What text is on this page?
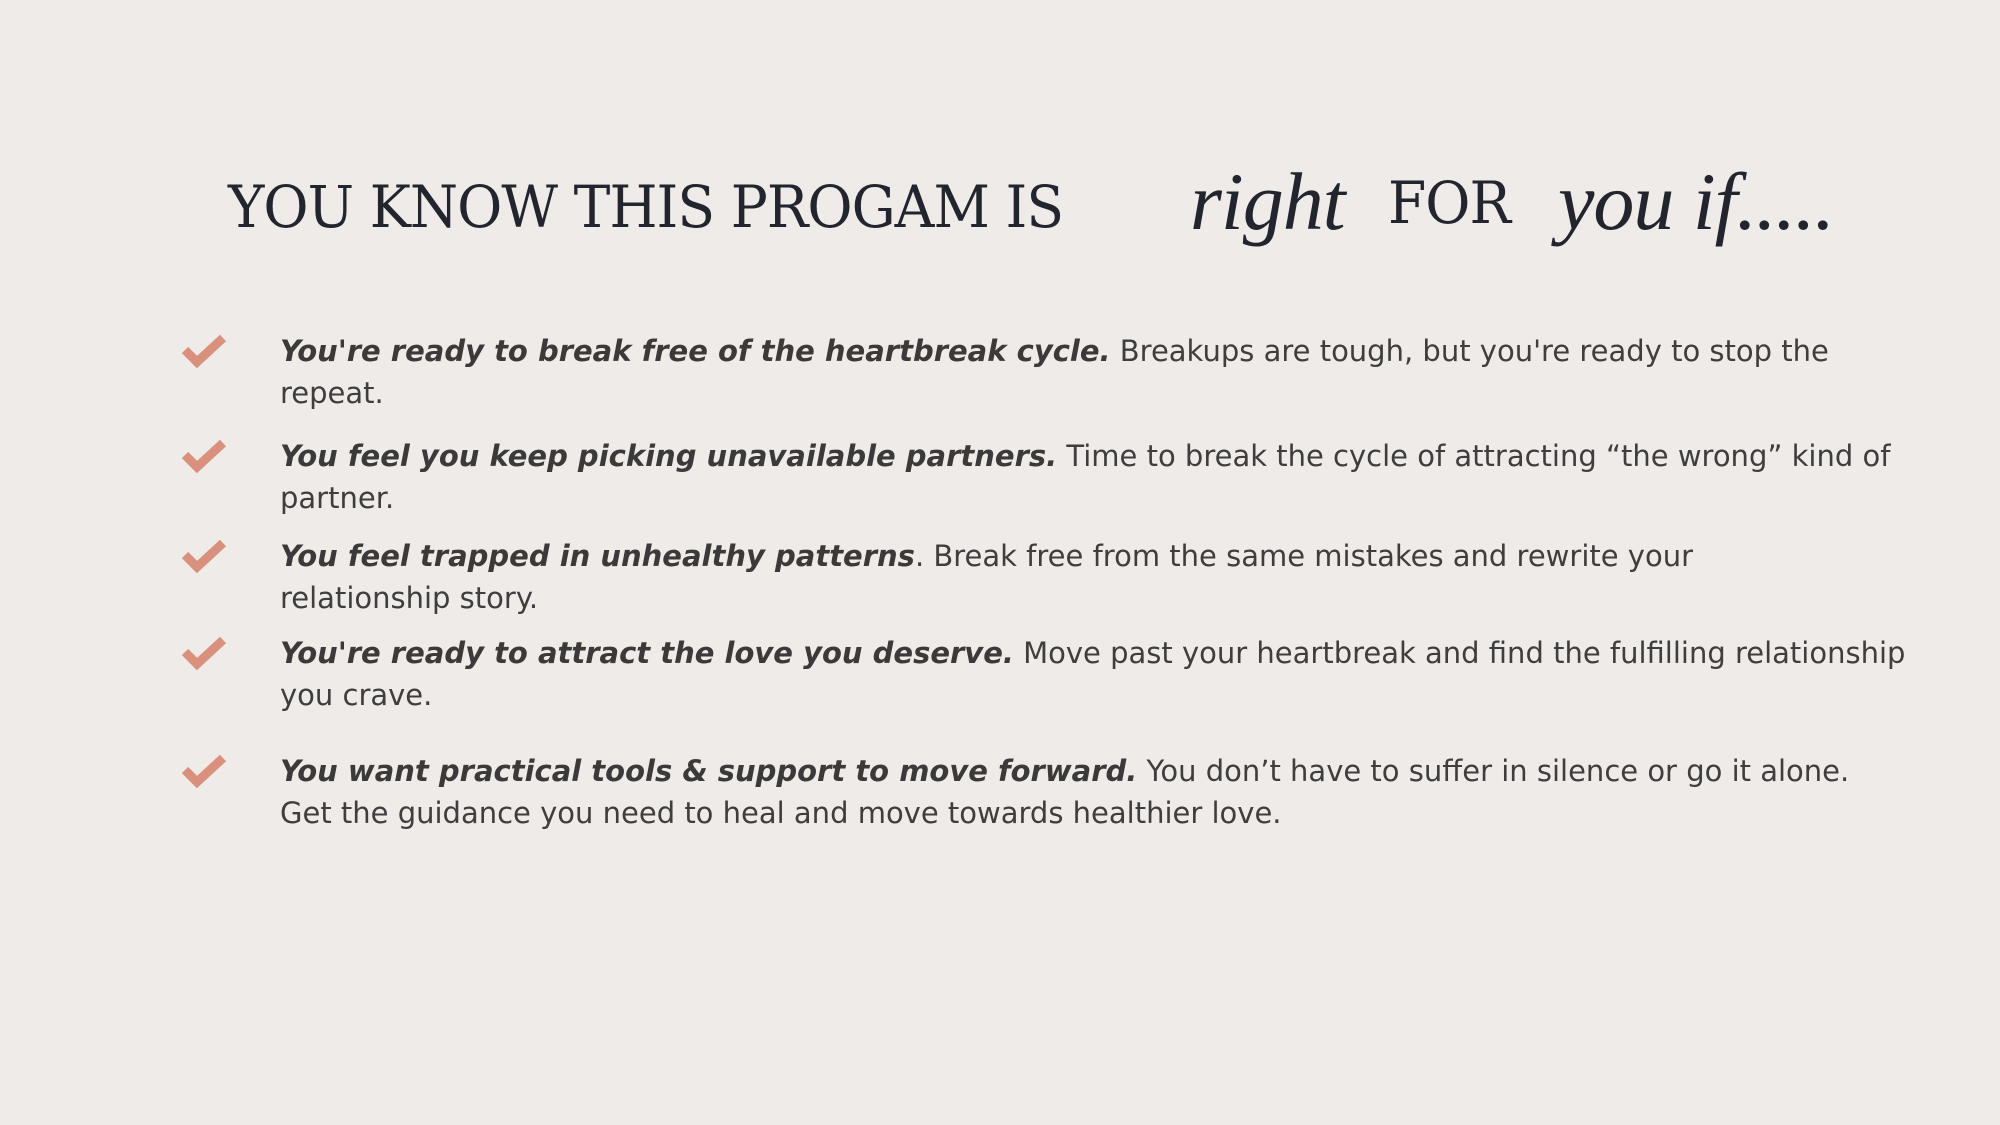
YOU KNOW THIS PROGAM IS right FOR you if.....
You're ready to break free of the heartbreak cycle. Breakups are tough, but you're ready to stop the repeat.
You feel you keep picking unavailable partners. Time to break the cycle of attracting “the wrong” kind of partner.
You feel trapped in unhealthy patterns. Break free from the same mistakes and rewrite your relationship story.
You're ready to attract the love you deserve. Move past your heartbreak and find the fulfilling relationship you crave.
You want practical tools & support to move forward. You don’t have to suffer in silence or go it alone. Get the guidance you need to heal and move towards healthier love.
